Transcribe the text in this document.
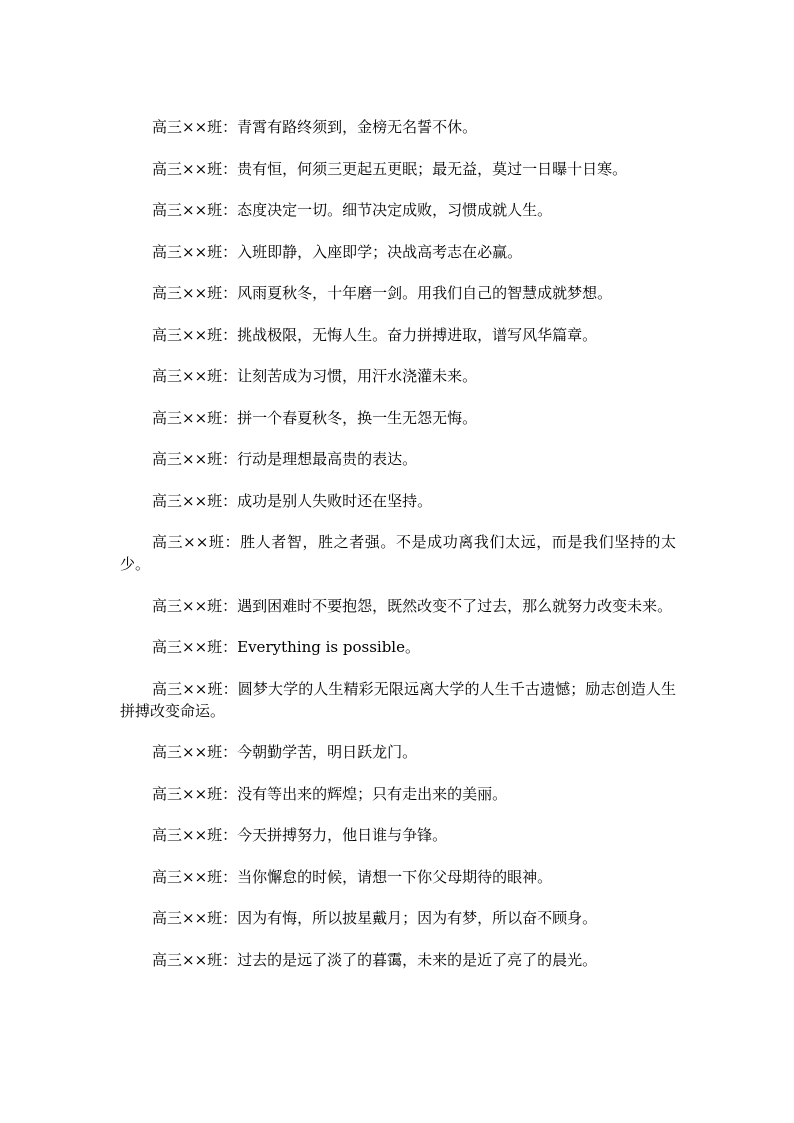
高三××班：青霄有路终须到，金榜无名誓不休。

高三××班：贵有恒，何须三更起五更眠；最无益，莫过一日曝十日寒。

高三××班：态度决定一切。细节决定成败，习惯成就人生。

高三××班：入班即静，入座即学；决战高考志在必赢。

高三××班：风雨夏秋冬，十年磨一剑。用我们自己的智慧成就梦想。

高三××班：挑战极限，无悔人生。奋力拼搏进取，谱写风华篇章。

高三××班：让刻苦成为习惯，用汗水浇灌未来。

高三××班：拼一个春夏秋冬，换一生无怨无悔。

高三××班：行动是理想最高贵的表达。

高三××班：成功是别人失败时还在坚持。

高三××班：胜人者智，胜之者强。不是成功离我们太远，而是我们坚持的太少。

高三××班：遇到困难时不要抱怨，既然改变不了过去，那么就努力改变未来。

高三××班：Everything is possible。

高三××班：圆梦大学的人生精彩无限远离大学的人生千古遗憾；励志创造人生拼搏改变命运。

高三××班：今朝勤学苦，明日跃龙门。

高三××班：没有等出来的辉煌；只有走出来的美丽。

高三××班：今天拼搏努力，他日谁与争锋。

高三××班：当你懈怠的时候，请想一下你父母期待的眼神。

高三××班：因为有悔，所以披星戴月；因为有梦，所以奋不顾身。

高三××班：过去的是远了淡了的暮霭，未来的是近了亮了的晨光。
